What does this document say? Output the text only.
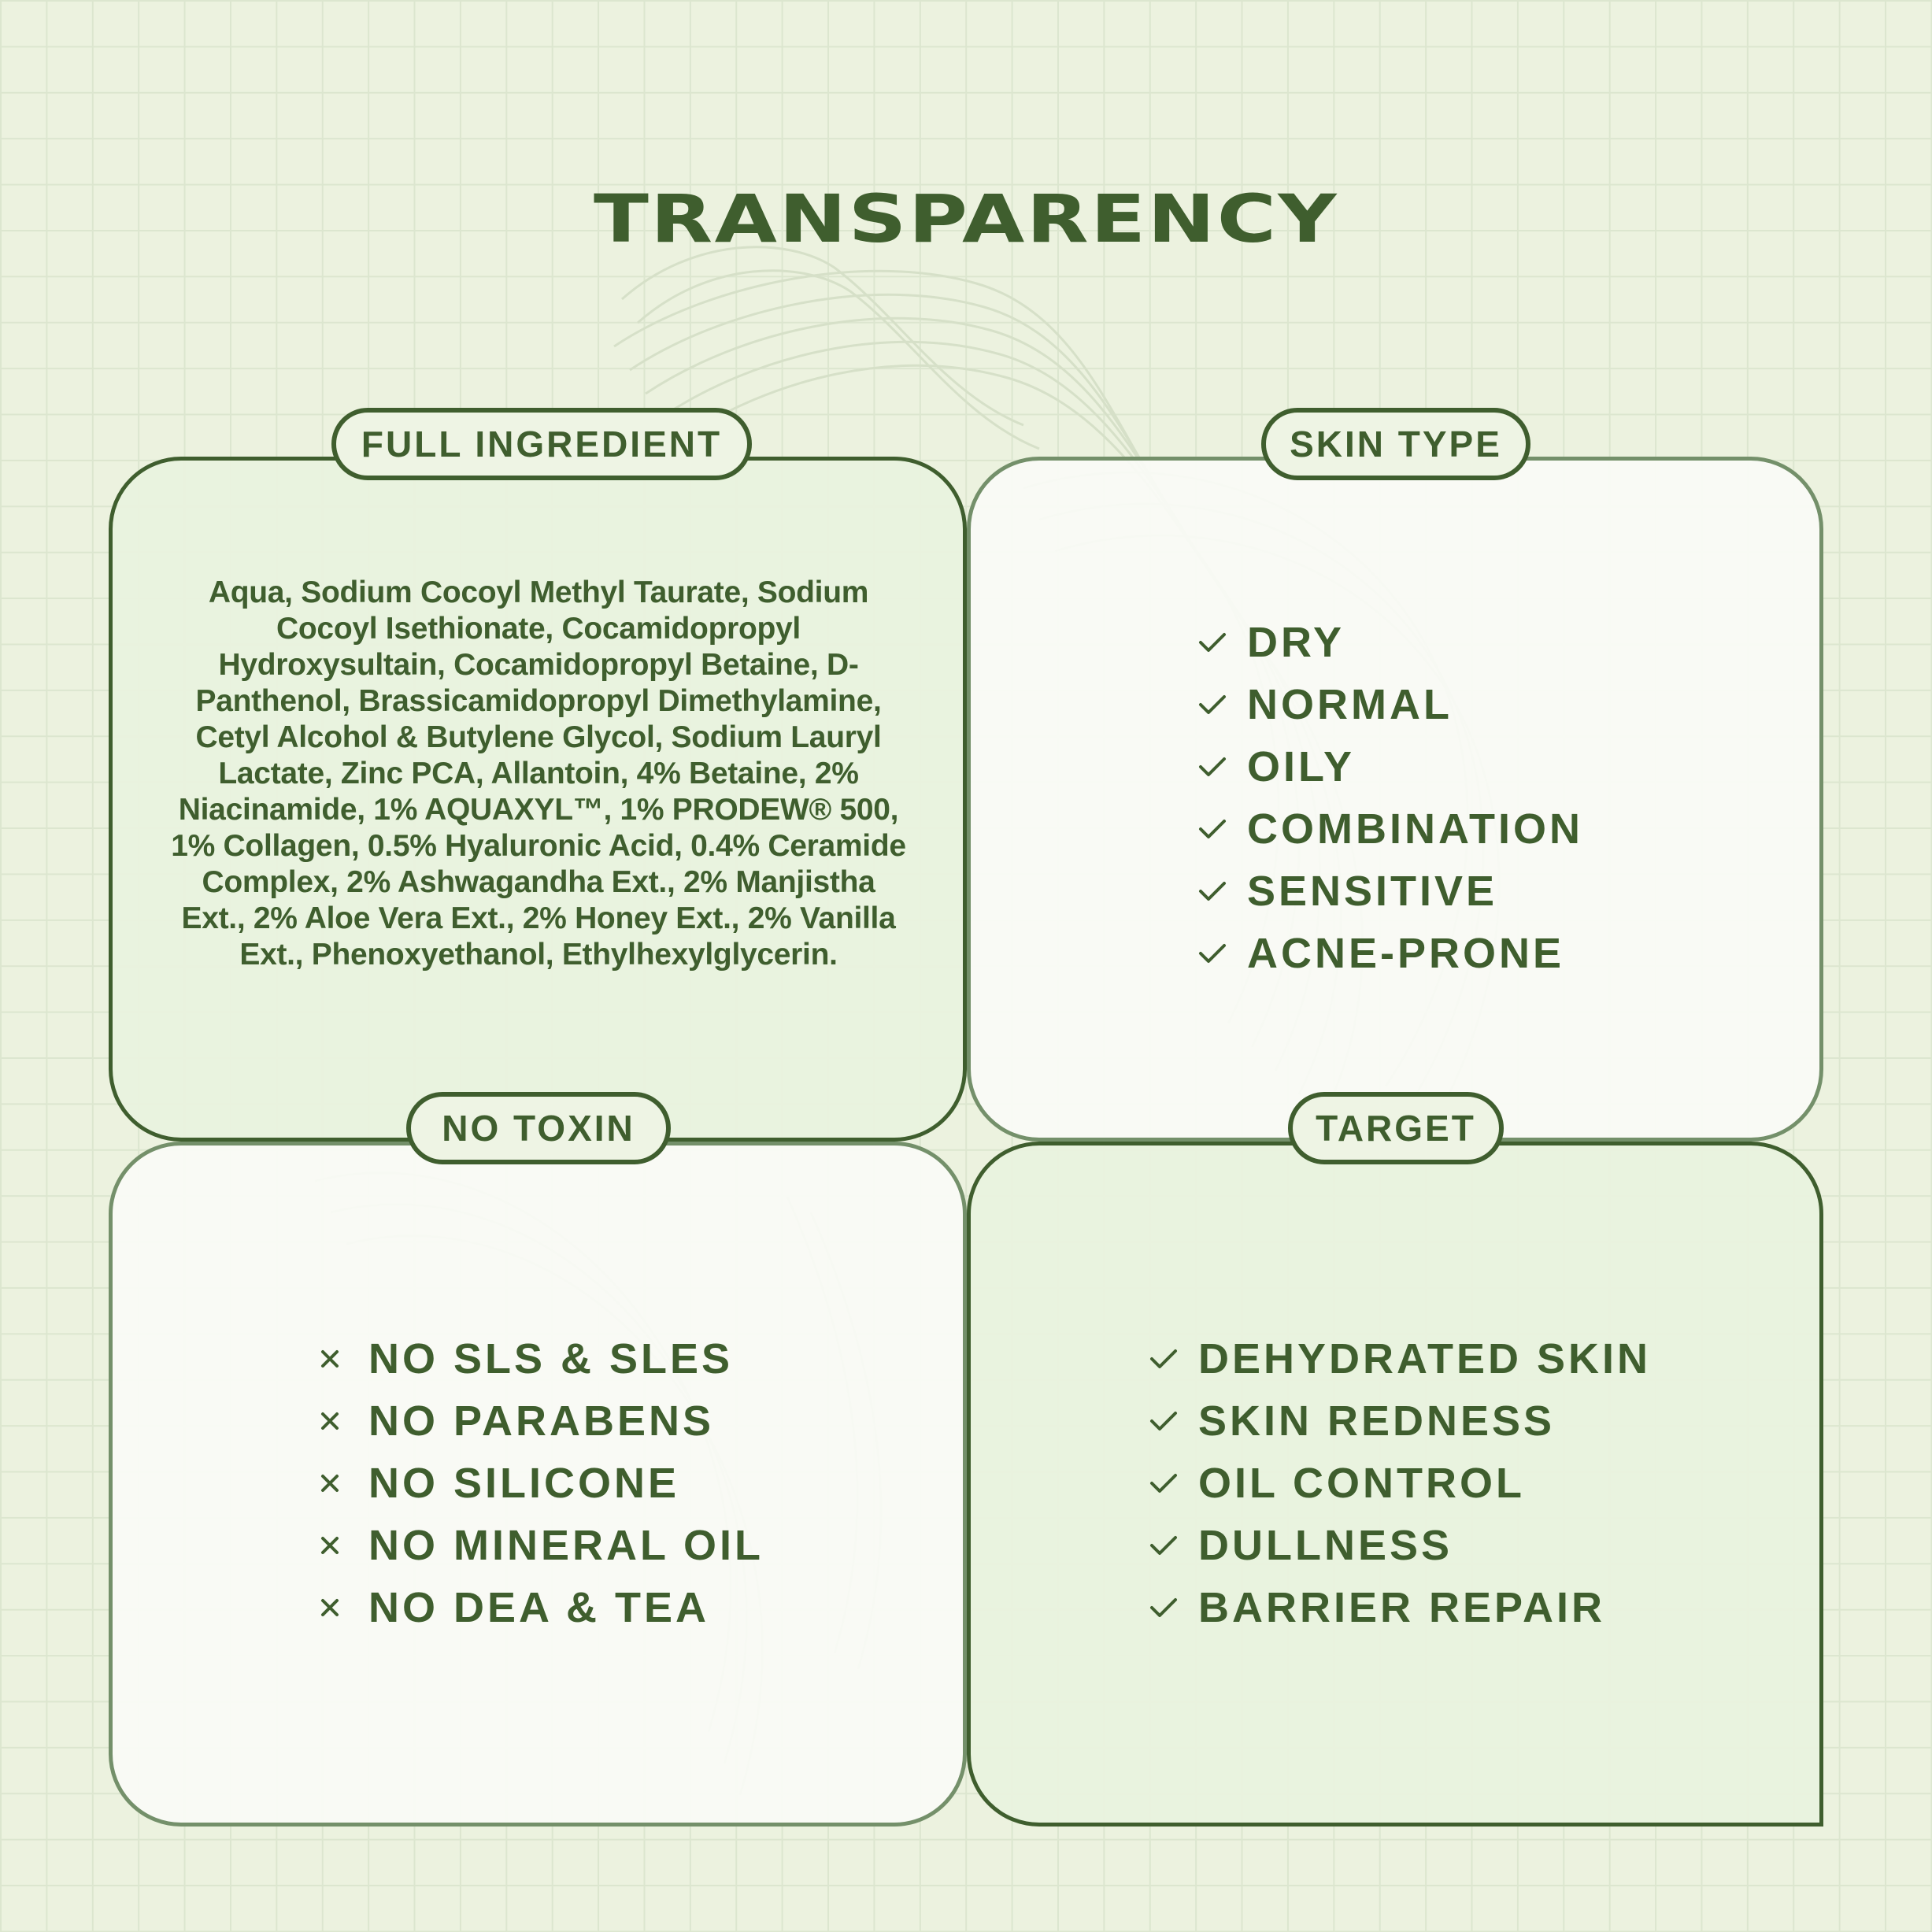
TRANSPARENCY
FULL INGREDIENT	SKIN TYPE
NO TOXIN	TARGET

Aqua, Sodium Cocoyl Methyl Taurate, Sodium Cocoyl Isethionate, Cocamidopropyl Hydroxysultain, Cocamidopropyl Betaine, D-Panthenol, Brassicamidopropyl Dimethylamine, Cetyl Alcohol & Butylene Glycol, Sodium Lauryl Lactate, Zinc PCA, Allantoin, 4% Betaine, 2% Niacinamide, 1% AQUAXYL™, 1% PRODEW® 500, 1% Collagen, 0.5% Hyaluronic Acid, 0.4% Ceramide Complex, 2% Ashwagandha Ext., 2% Manjistha Ext., 2% Aloe Vera Ext., 2% Honey Ext., 2% Vanilla Ext., Phenoxyethanol, Ethylhexylglycerin.

DRY
NORMAL
OILY
COMBINATION
SENSITIVE
ACNE-PRONE
NO SLS & SLES
NO PARABENS
NO SILICONE
NO MINERAL OIL
NO DEA & TEA
DEHYDRATED SKIN
SKIN REDNESS
OIL CONTROL
DULLNESS
BARRIER REPAIR
